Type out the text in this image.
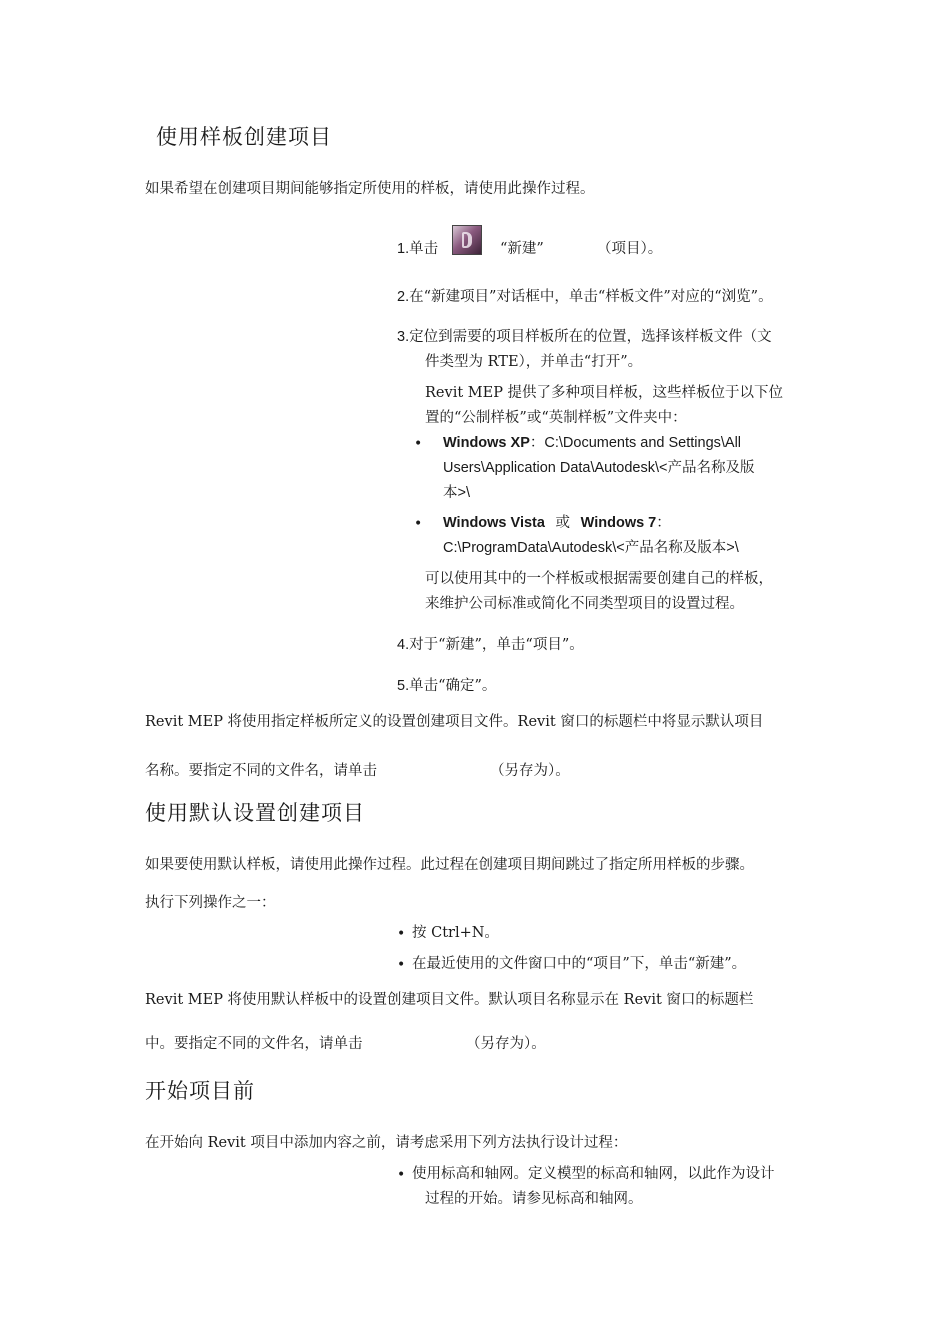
使用样板创建项目
如果希望在创建项目期间能够指定所使用的样板，请使用此操作过程。
1.单击	“新建”	（项目）。
2.在“新建项目”对话框中，单击“样板文件”对应的“浏览”。
3.定位到需要的项目样板所在的位置，选择该样板文件（文
件类型为 RTE），并单击“打开”。
Revit MEP 提供了多种项目样板，这些样板位于以下位
置的“公制样板”或“英制样板”文件夹中：
• Windows XP：C:\Documents and Settings\All
Users\Application Data\Autodesk\<产品名称及版
本>\
• Windows Vista 或 Windows 7：
C:\ProgramData\Autodesk\<产品名称及版本>\
可以使用其中的一个样板或根据需要创建自己的样板，
来维护公司标准或简化不同类型项目的设置过程。
4.对于“新建”，单击“项目”。
5.单击“确定”。
Revit MEP 将使用指定样板所定义的设置创建项目文件。Revit 窗口的标题栏中将显示默认项目
名称。要指定不同的文件名，请单击	（另存为）。
使用默认设置创建项目
如果要使用默认样板，请使用此操作过程。此过程在创建项目期间跳过了指定所用样板的步骤。
执行下列操作之一：
• 按 Ctrl+N。
• 在最近使用的文件窗口中的“项目”下，单击“新建”。
Revit MEP 将使用默认样板中的设置创建项目文件。默认项目名称显示在 Revit 窗口的标题栏
中。要指定不同的文件名，请单击	（另存为）。
开始项目前
在开始向 Revit 项目中添加内容之前，请考虑采用下列方法执行设计过程：
• 使用标高和轴网。定义模型的标高和轴网，以此作为设计
过程的开始。请参见标高和轴网。
